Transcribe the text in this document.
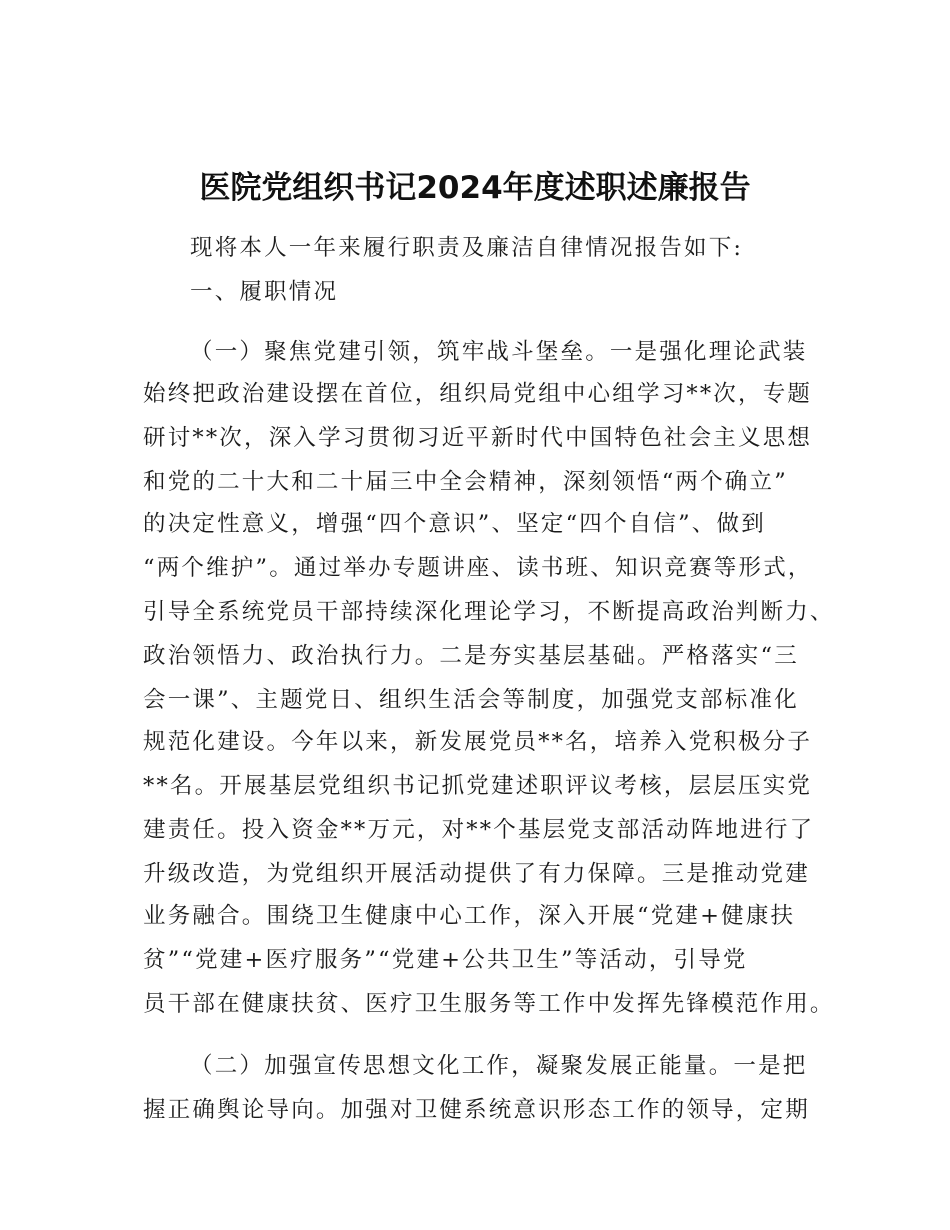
医院党组织书记2024年度述职述廉报告
现将本人一年来履行职责及廉洁自律情况报告如下:
一、履职情况
（一）聚焦党建引领，筑牢战斗堡垒。一是强化理论武装
始终把政治建设摆在首位，组织局党组中心组学习**次，专题
研讨**次，深入学习贯彻习近平新时代中国特色社会主义思想
和党的二十大和二十届三中全会精神，深刻领悟“两个确立”
的决定性意义，增强“四个意识”、坚定“四个自信”、做到
“两个维护”。通过举办专题讲座、读书班、知识竞赛等形式，
引导全系统党员干部持续深化理论学习，不断提高政治判断力、
政治领悟力、政治执行力。二是夯实基层基础。严格落实“三
会一课”、主题党日、组织生活会等制度，加强党支部标准化
规范化建设。今年以来，新发展党员**名，培养入党积极分子
**名。开展基层党组织书记抓党建述职评议考核，层层压实党
建责任。投入资金**万元，对**个基层党支部活动阵地进行了
升级改造，为党组织开展活动提供了有力保障。三是推动党建
业务融合。围绕卫生健康中心工作，深入开展“党建+健康扶
贫”“党建+医疗服务”“党建+公共卫生”等活动，引导党
员干部在健康扶贫、医疗卫生服务等工作中发挥先锋模范作用。
（二）加强宣传思想文化工作，凝聚发展正能量。一是把
握正确舆论导向。加强对卫健系统意识形态工作的领导，定期
